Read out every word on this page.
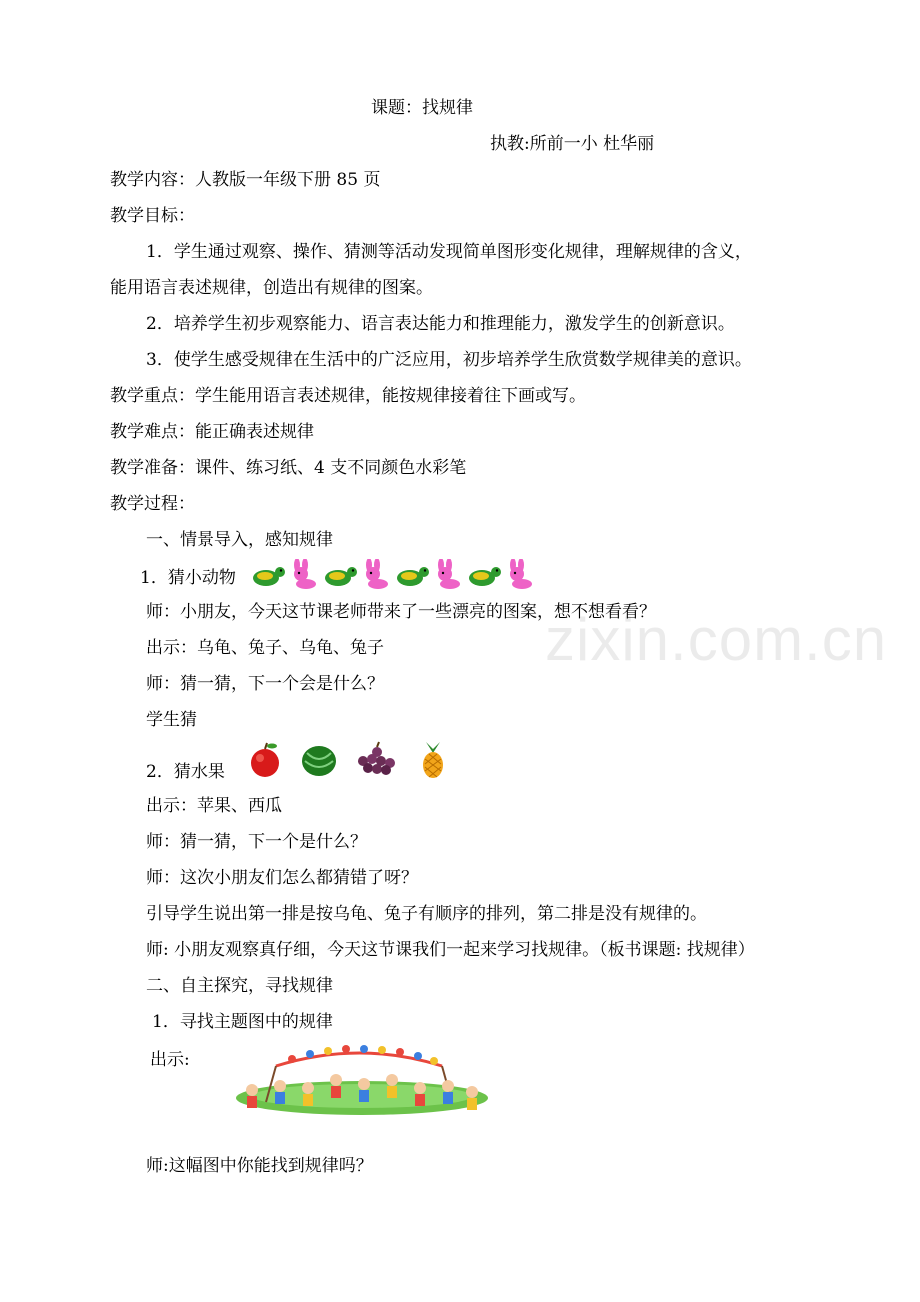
zixin.com.cn
课题：找规律
执教:所前一小 杜华丽
教学内容：人教版一年级下册 85 页
教学目标：
1．学生通过观察、操作、猜测等活动发现简单图形变化规律，理解规律的含义，
能用语言表述规律，创造出有规律的图案。
2．培养学生初步观察能力、语言表达能力和推理能力，激发学生的创新意识。
3．使学生感受规律在生活中的广泛应用，初步培养学生欣赏数学规律美的意识。
教学重点：学生能用语言表述规律，能按规律接着往下画或写。
教学难点：能正确表述规律
教学准备：课件、练习纸、4 支不同颜色水彩笔
教学过程：
一、情景导入，感知规律
1．猜小动物
师：小朋友，今天这节课老师带来了一些漂亮的图案，想不想看看？
出示：乌龟、兔子、乌龟、兔子
师：猜一猜，下一个会是什么？
学生猜
2．猜水果
出示：苹果、西瓜
师：猜一猜，下一个是什么？
师：这次小朋友们怎么都猜错了呀？
引导学生说出第一排是按乌龟、兔子有顺序的排列，第二排是没有规律的。
师: 小朋友观察真仔细，今天这节课我们一起来学习找规律。（板书课题: 找规律）
二、自主探究，寻找规律
1．寻找主题图中的规律
出示:
师:这幅图中你能找到规律吗？
